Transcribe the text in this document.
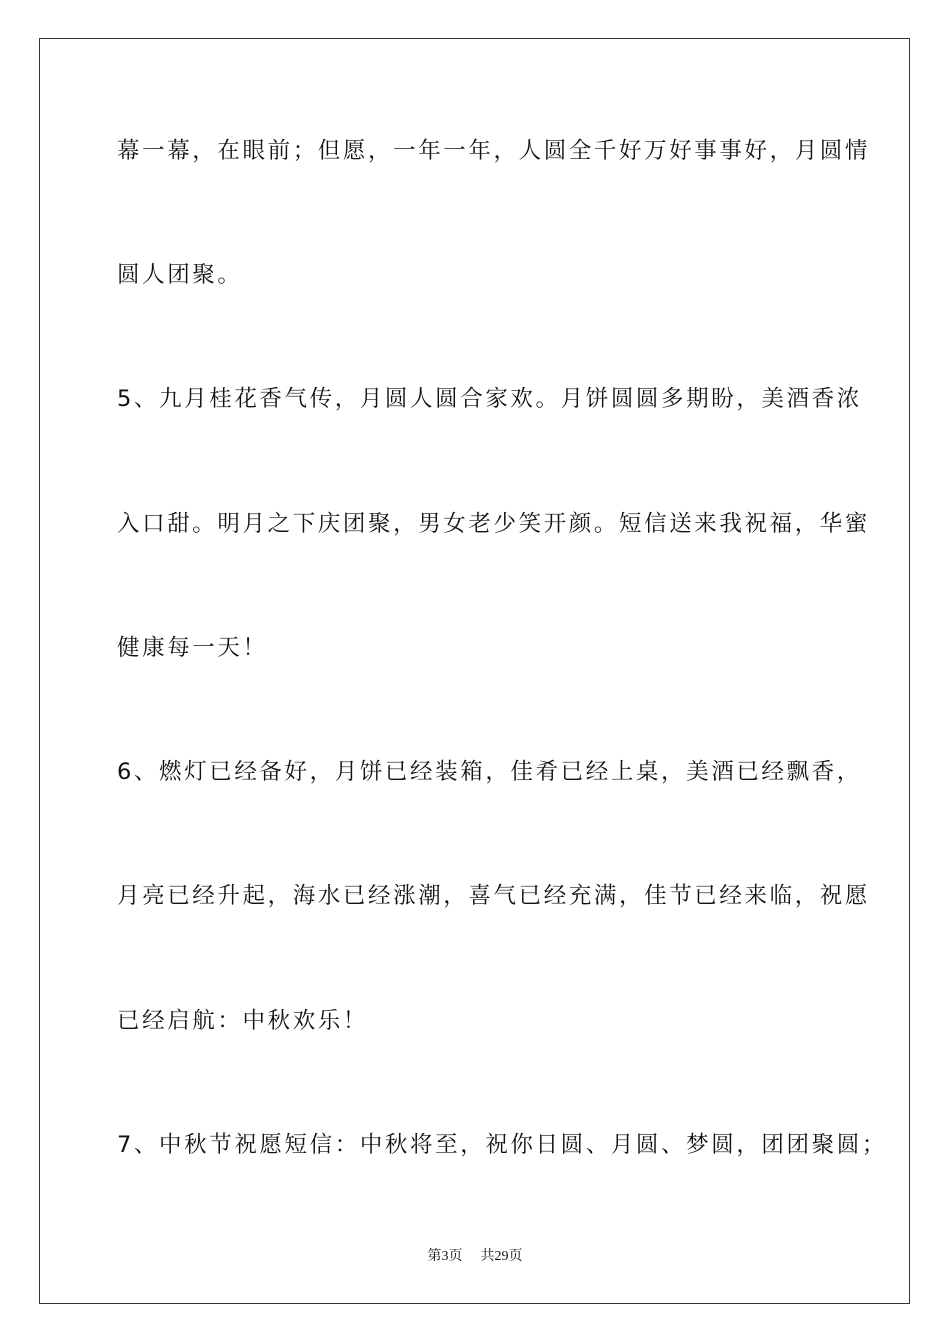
幕一幕，在眼前；但愿，一年一年，人圆全千好万好事事好，月圆情
圆人团聚。
5、九月桂花香气传，月圆人圆合家欢。月饼圆圆多期盼，美酒香浓
入口甜。明月之下庆团聚，男女老少笑开颜。短信送来我祝福，华蜜
健康每一天！
6、燃灯已经备好，月饼已经装箱，佳肴已经上桌，美酒已经飘香，
月亮已经升起，海水已经涨潮，喜气已经充满，佳节已经来临，祝愿
已经启航：中秋欢乐！
7、中秋节祝愿短信：中秋将至，祝你日圆、月圆、梦圆，团团聚圆；
第3页 共29页
